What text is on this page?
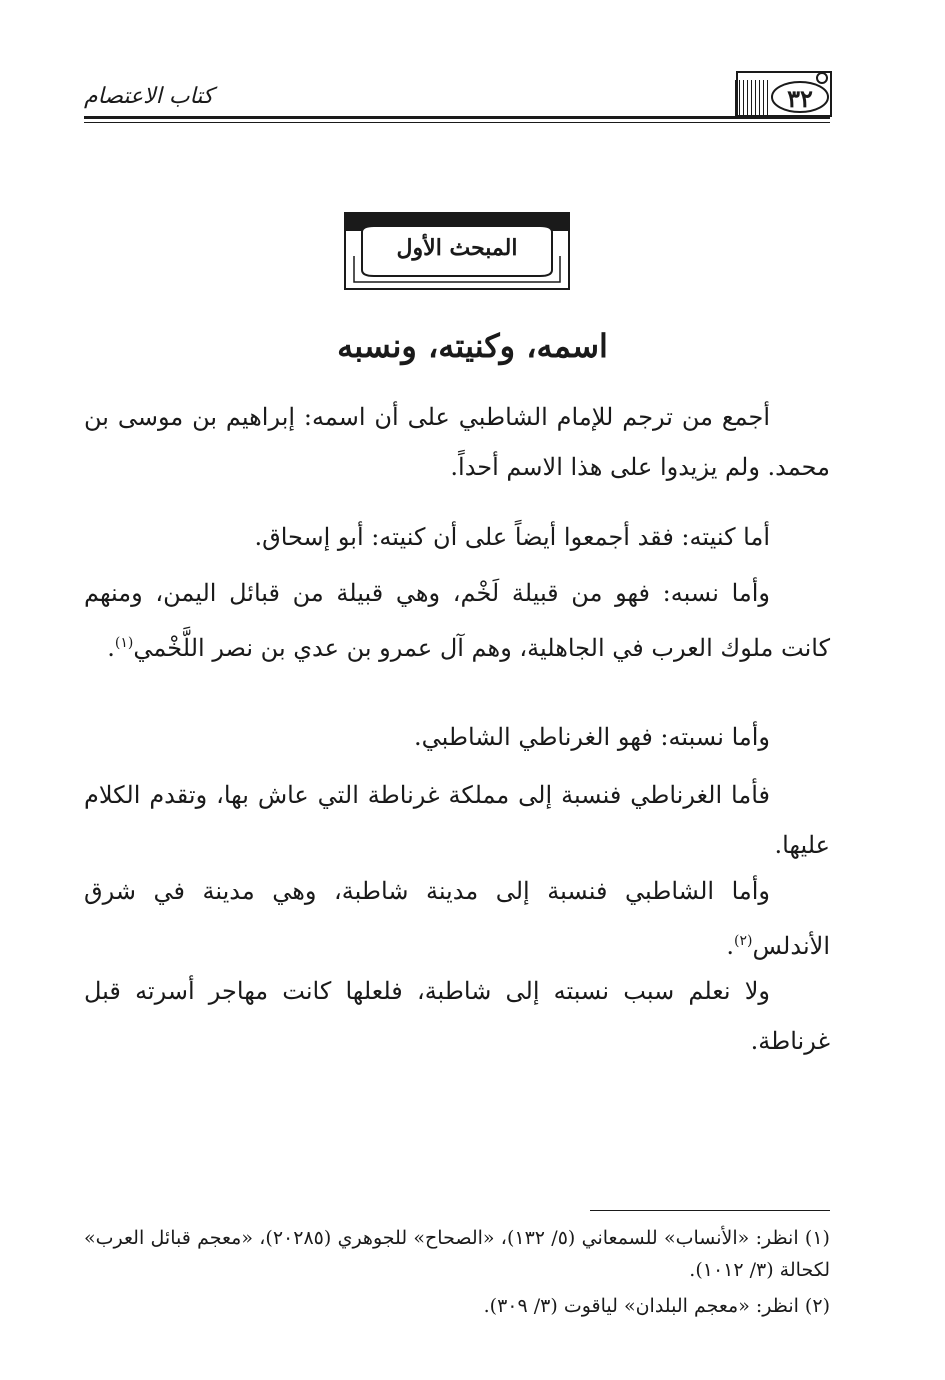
كتاب الاعتصام	٣٢
المبحث الأول
اسمه، وكنيته، ونسبه

أجمع من ترجم للإمام الشاطبي على أن اسمه: إبراهيم بن موسى بن محمد. ولم يزيدوا على هذا الاسم أحداً.

أما كنيته: فقد أجمعوا أيضاً على أن كنيته: أبو إسحاق.

وأما نسبه: فهو من قبيلة لَخْم، وهي قبيلة من قبائل اليمن، ومنهم كانت ملوك العرب في الجاهلية، وهم آل عمرو بن عدي بن نصر اللَّخْمي$^{(١)}$.

وأما نسبته: فهو الغرناطي الشاطبي.

فأما الغرناطي فنسبة إلى مملكة غرناطة التي عاش بها، وتقدم الكلام عليها.

وأما الشاطبي فنسبة إلى مدينة شاطبة، وهي مدينة في شرق الأندلس$^{(٢)}$.

ولا نعلم سبب نسبته إلى شاطبة، فلعلها كانت مهاجر أسرته قبل غرناطة.

(١) انظر: «الأنساب» للسمعاني (٥/ ١٣٢)، «الصحاح» للجوهري (٢٠٢٨٥)، «معجم قبائل العرب» لكحالة (٣/ ١٠١٢).

(٢) انظر: «معجم البلدان» لياقوت (٣/ ٣٠٩).
